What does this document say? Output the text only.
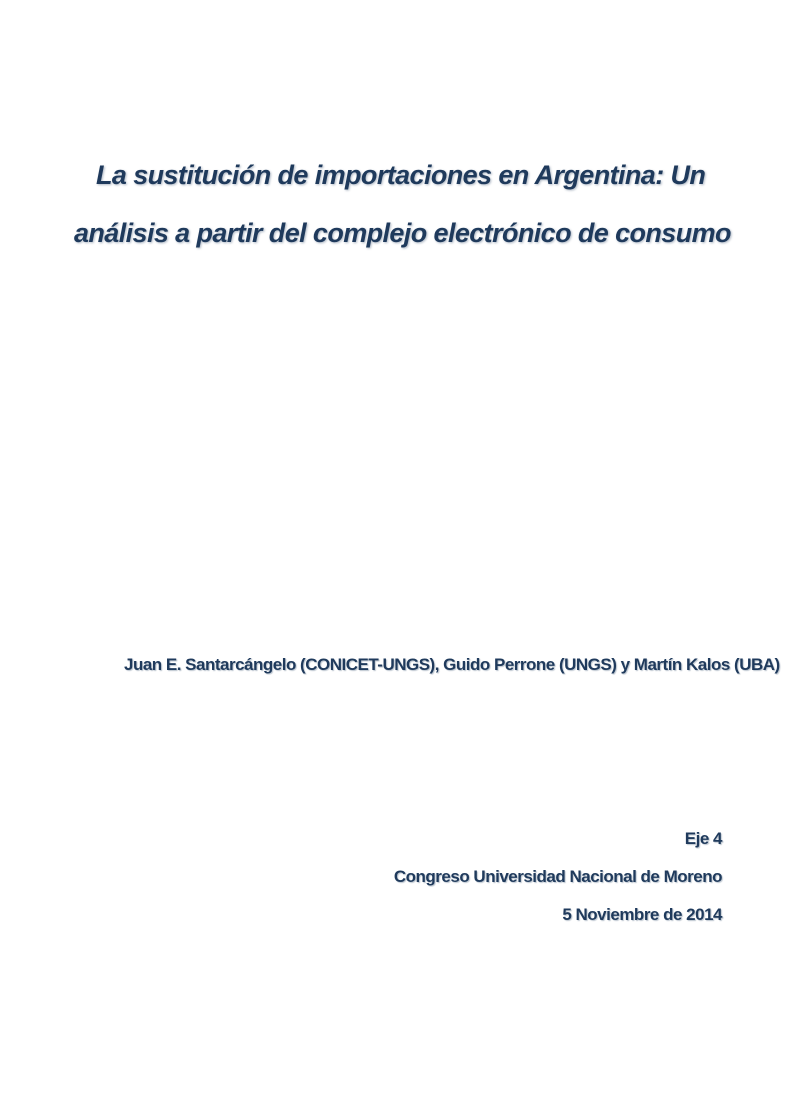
La sustitución de importaciones en Argentina: Un
análisis a partir del complejo electrónico de consumo
Juan E. Santarcángelo (CONICET-UNGS), Guido Perrone (UNGS) y Martín Kalos (UBA)
Eje 4
Congreso Universidad Nacional de Moreno
5 Noviembre de 2014
